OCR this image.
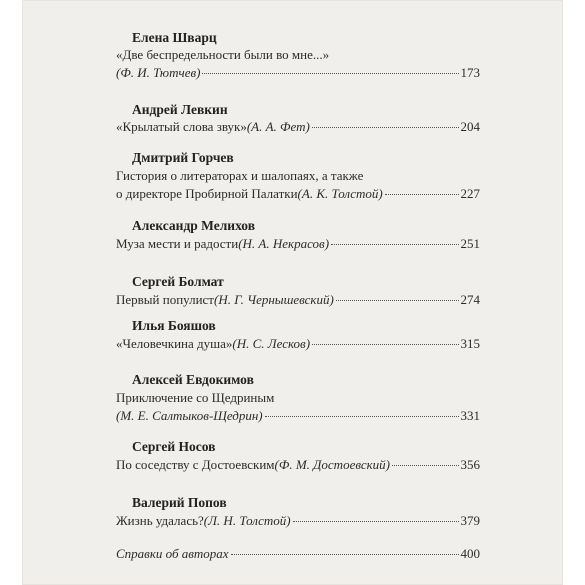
Елена Шварц
«Две беспредельности были во мне...»
(Ф. И. Тютчев)	173
Андрей Левкин
«Крылатый слова звук» (А. А. Фет)	204
Дмитрий Горчев
Гистория о литераторах и шалопаях, а также
о директоре Пробирной Палатки (А. К. Толстой)	227
Александр Мелихов
Муза мести и радости (Н. А. Некрасов)	251
Сергей Болмат
Первый популист (Н. Г. Чернышевский)	274
Илья Бояшов
«Человечкина душа» (Н. С. Лесков)	315
Алексей Евдокимов
Приключение со Щедриным
(М. Е. Салтыков-Щедрин)	331
Сергей Носов
По соседству с Достоевским (Ф. М. Достоевский)	356
Валерий Попов
Жизнь удалась? (Л. Н. Толстой)	379
Справки об авторах	400
